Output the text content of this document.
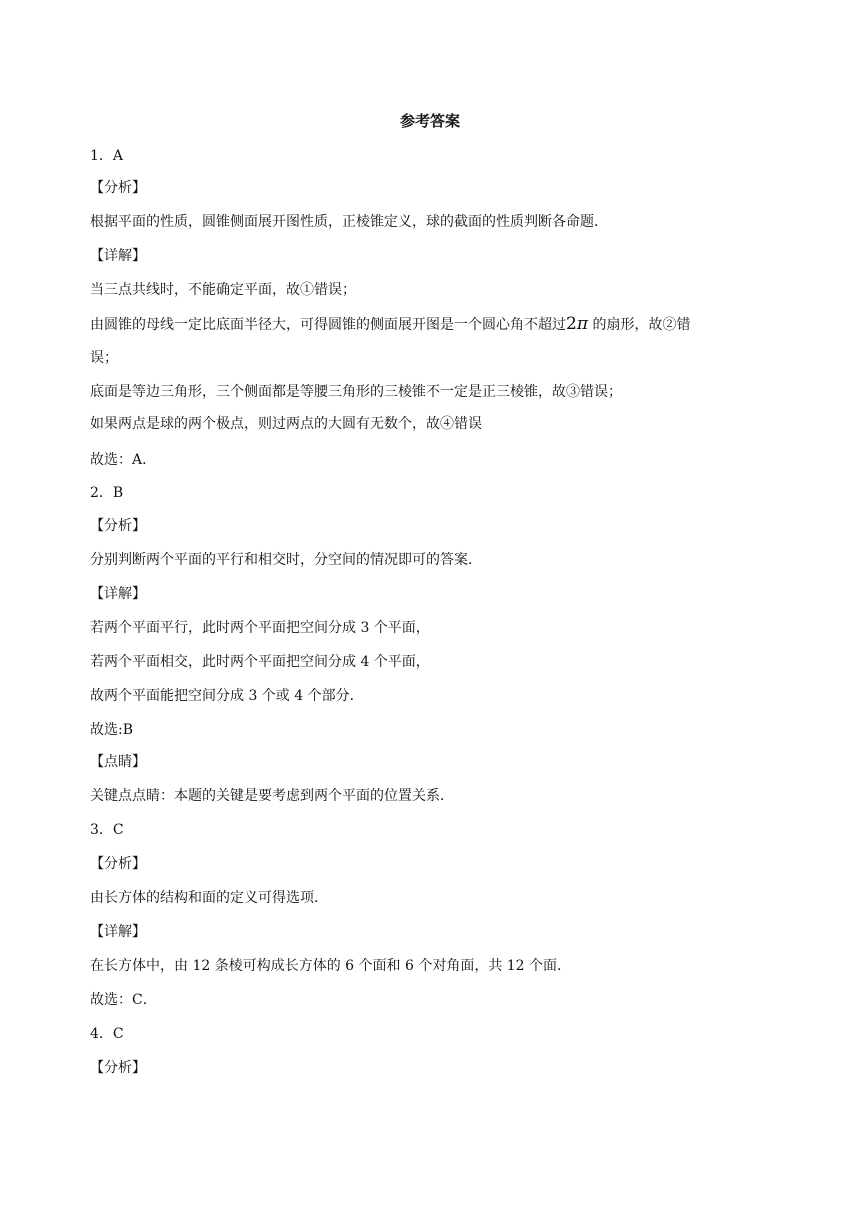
参考答案
1．A
【分析】
根据平面的性质，圆锥侧面展开图性质，正棱锥定义，球的截面的性质判断各命题．
【详解】
当三点共线时，不能确定平面，故①错误；
由圆锥的母线一定比底面半径大，可得圆锥的侧面展开图是一个圆心角不超过2π 的扇形，故②错
误；
底面是等边三角形，三个侧面都是等腰三角形的三棱锥不一定是正三棱锥，故③错误；
如果两点是球的两个极点，则过两点的大圆有无数个，故④错误
故选：A．
2．B
【分析】
分别判断两个平面的平行和相交时，分空间的情况即可的答案．
【详解】
若两个平面平行，此时两个平面把空间分成 3 个平面，
若两个平面相交，此时两个平面把空间分成 4 个平面，
故两个平面能把空间分成 3 个或 4 个部分．
故选:B
【点睛】
关键点点睛：本题的关键是要考虑到两个平面的位置关系．
3．C
【分析】
由长方体的结构和面的定义可得选项．
【详解】
在长方体中，由 12 条棱可构成长方体的 6 个面和 6 个对角面，共 12 个面．
故选：C．
4．C
【分析】
